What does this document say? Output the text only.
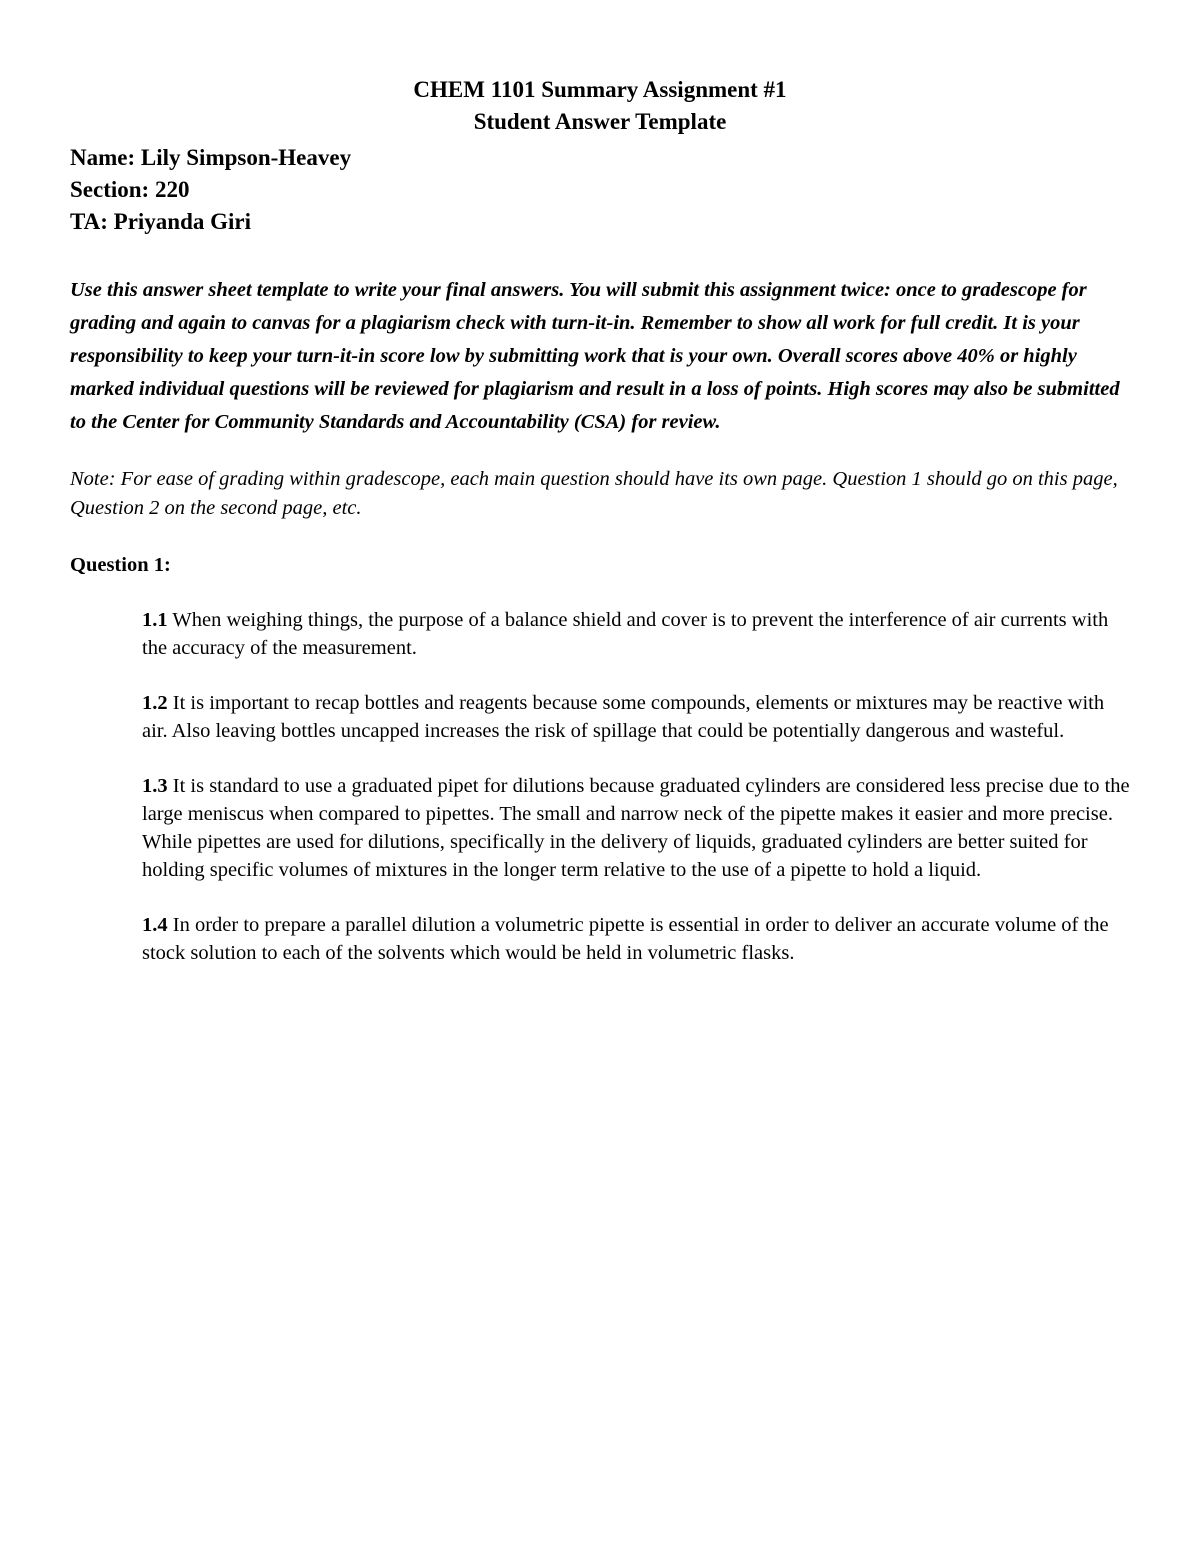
CHEM 1101 Summary Assignment #1

Student Answer Template

Name: Lily Simpson-Heavey

Section: 220

TA: Priyanda Giri

Use this answer sheet template to write your final answers. You will submit this assignment twice: once to gradescope for grading and again to canvas for a plagiarism check with turn-it-in. Remember to show all work for full credit. It is your responsibility to keep your turn-it-in score low by submitting work that is your own. Overall scores above 40% or highly marked individual questions will be reviewed for plagiarism and result in a loss of points. High scores may also be submitted to the Center for Community Standards and Accountability (CSA) for review.

Note: For ease of grading within gradescope, each main question should have its own page. Question 1 should go on this page, Question 2 on the second page, etc.

Question 1:

1.1 When weighing things, the purpose of a balance shield and cover is to prevent the interference of air currents with the accuracy of the measurement.

1.2 It is important to recap bottles and reagents because some compounds, elements or mixtures may be reactive with air. Also leaving bottles uncapped increases the risk of spillage that could be potentially dangerous and wasteful.

1.3 It is standard to use a graduated pipet for dilutions because graduated cylinders are considered less precise due to the large meniscus when compared to pipettes. The small and narrow neck of the pipette makes it easier and more precise. While pipettes are used for dilutions, specifically in the delivery of liquids, graduated cylinders are better suited for holding specific volumes of mixtures in the longer term relative to the use of a pipette to hold a liquid.

1.4 In order to prepare a parallel dilution a volumetric pipette is essential in order to deliver an accurate volume of the stock solution to each of the solvents which would be held in volumetric flasks.
